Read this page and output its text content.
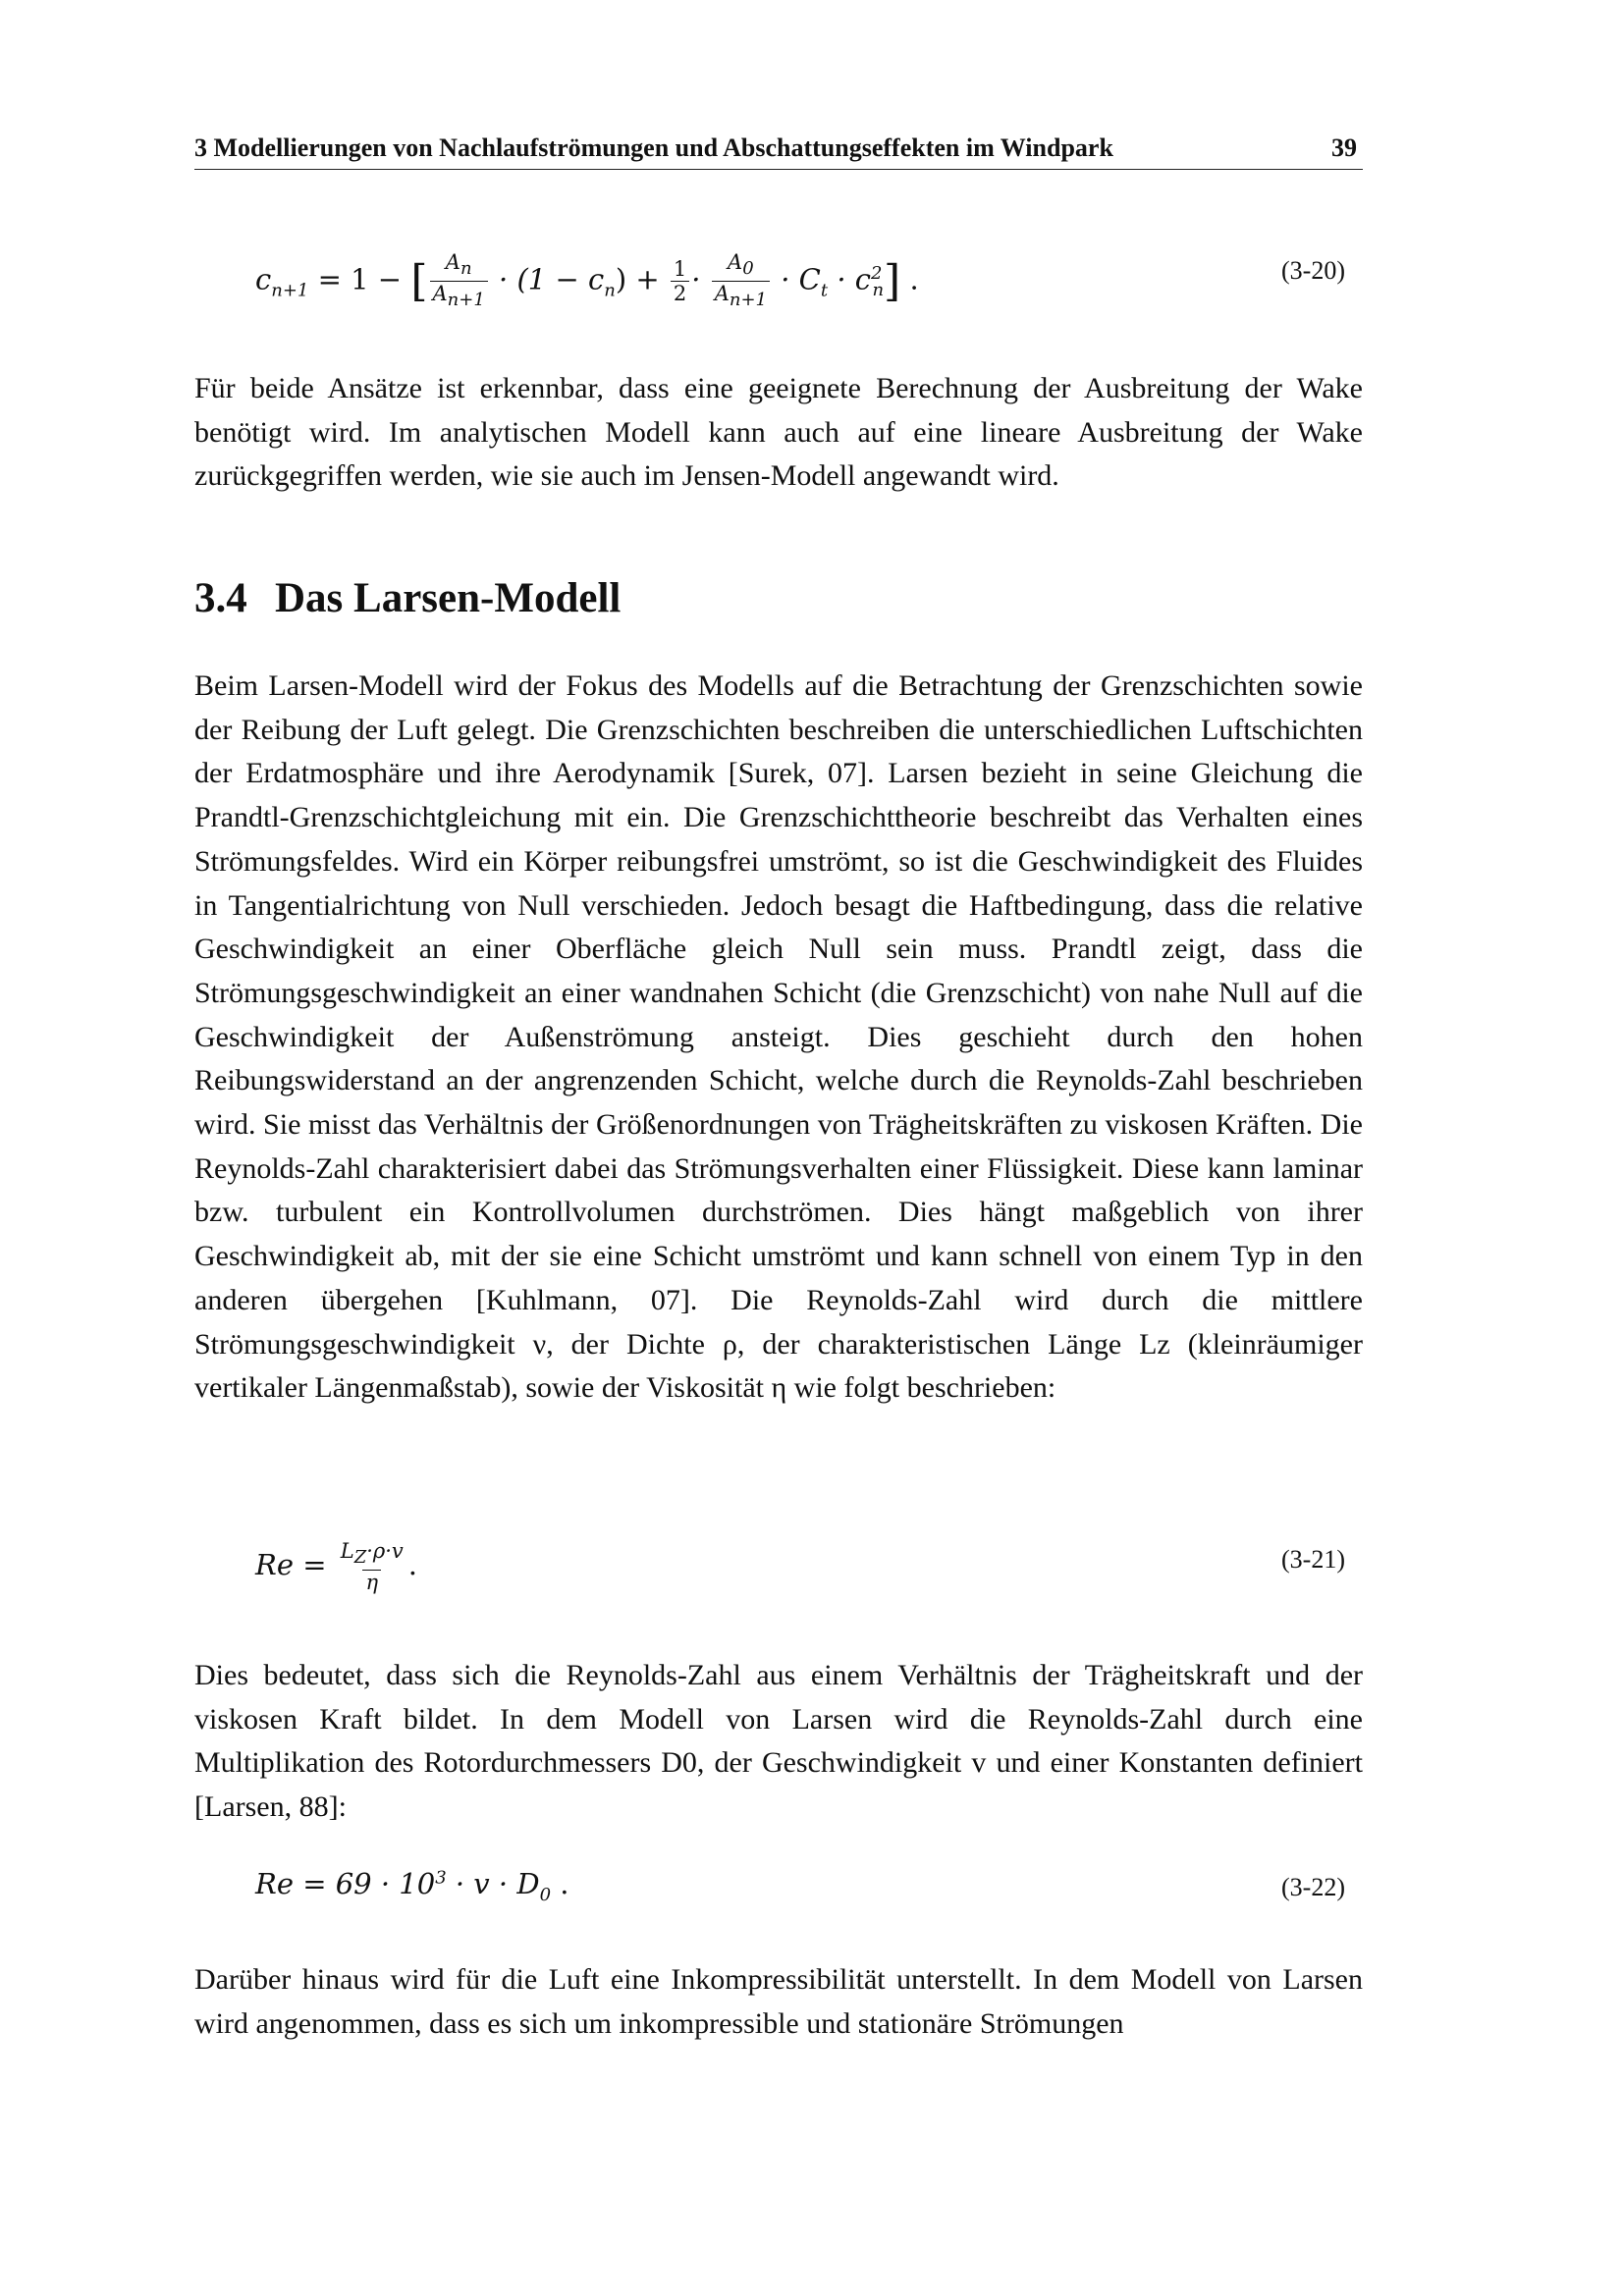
3 Modellierungen von Nachlaufströmungen und Abschattungseffekten im Windpark	39
$c_{n+1} = 1$ − [ $\frac{A_n}{A_{n+1}} \cdot (1 - c_n) + \frac{1}{2} \cdot \frac{A_0}{A_{n+1}} \cdot C_t \cdot c^2_n$] .	(3-20)

Für beide Ansätze ist erkennbar, dass eine geeignete Berechnung der Ausbreitung der Wake benötigt wird. Im analytischen Modell kann auch auf eine lineare Ausbreitung der Wake zurückgegriffen werden, wie sie auch im Jensen-Modell angewandt wird.

3.4 Das Larsen-Modell

Beim Larsen-Modell wird der Fokus des Modells auf die Betrachtung der Grenzschichten sowie der Reibung der Luft gelegt. Die Grenzschichten beschreiben die unterschiedlichen Luftschichten der Erdatmosphäre und ihre Aerodynamik [Surek, 07]. Larsen bezieht in seine Gleichung die Prandtl-Grenzschichtgleichung mit ein. Die Grenzschichttheorie beschreibt das Verhalten eines Strömungsfeldes. Wird ein Körper reibungsfrei umströmt, so ist die Geschwindigkeit des Fluides in Tangentialrichtung von Null verschieden. Jedoch besagt die Haftbedingung, dass die relative Geschwindigkeit an einer Oberfläche gleich Null sein muss. Prandtl zeigt, dass die Strömungsgeschwindigkeit an einer wandnahen Schicht (die Grenzschicht) von nahe Null auf die Geschwindigkeit der Außenströmung ansteigt. Dies geschieht durch den hohen Reibungswiderstand an der angrenzenden Schicht, welche durch die Reynolds-Zahl beschrieben wird. Sie misst das Verhältnis der Größenordnungen von Trägheitskräften zu viskosen Kräften. Die Reynolds-Zahl charakterisiert dabei das Strömungsverhalten einer Flüssigkeit. Diese kann laminar bzw. turbulent ein Kontrollvolumen durchströmen. Dies hängt maßgeblich von ihrer Geschwindigkeit ab, mit der sie eine Schicht umströmt und kann schnell von einem Typ in den anderen übergehen [Kuhlmann, 07]. Die Reynolds-Zahl wird durch die mittlere Strömungsgeschwindigkeit ν, der Dichte ρ, der charakteristischen Länge Lz (kleinräumiger vertikaler Längenmaßstab), sowie der Viskosität η wie folgt beschrieben:

$Re = \frac{L_Z\cdot\rho\cdot v}{\eta}$ .	(3-21)

Dies bedeutet, dass sich die Reynolds-Zahl aus einem Verhältnis der Trägheitskraft und der viskosen Kraft bildet. In dem Modell von Larsen wird die Reynolds-Zahl durch eine Multiplikation des Rotordurchmessers D0, der Geschwindigkeit v und einer Konstanten definiert [Larsen, 88]:

$Re = 69 \cdot 10^3 \cdot v \cdot D_0$ .	(3-22)

Darüber hinaus wird für die Luft eine Inkompressibilität unterstellt. In dem Modell von Larsen wird angenommen, dass es sich um inkompressible und stationäre Strömungen
